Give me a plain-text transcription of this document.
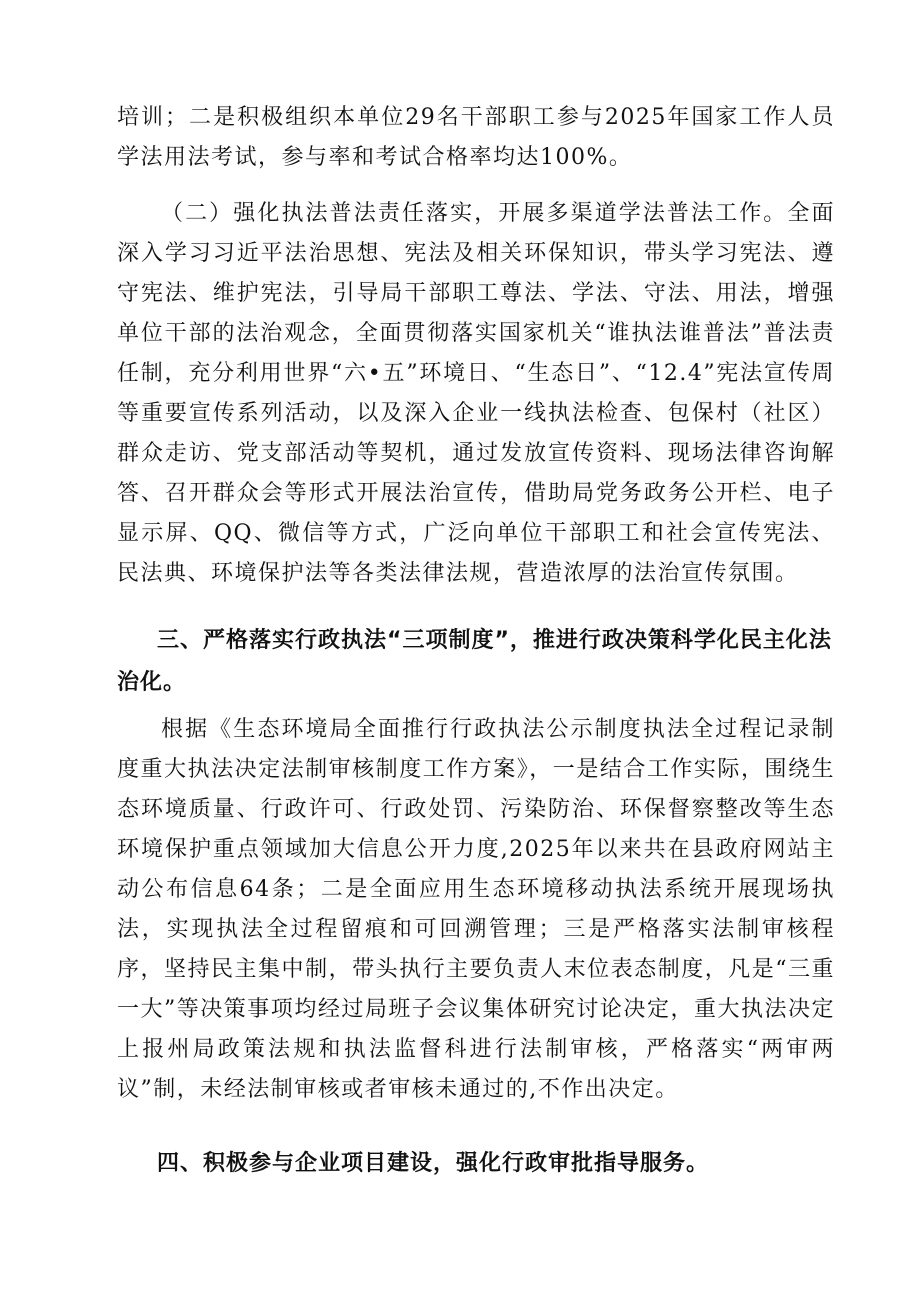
培训；二是积极组织本单位29名干部职工参与2025年国家工作人员学法用法考试，参与率和考试合格率均达100%。

（二）强化执法普法责任落实，开展多渠道学法普法工作。全面深入学习习近平法治思想、宪法及相关环保知识，带头学习宪法、遵守宪法、维护宪法，引导局干部职工尊法、学法、守法、用法，增强单位干部的法治观念，全面贯彻落实国家机关“谁执法谁普法”普法责任制，充分利用世界“六•五”环境日、“生态日”、“12.4”宪法宣传周等重要宣传系列活动，以及深入企业一线执法检查、包保村（社区）群众走访、党支部活动等契机，通过发放宣传资料、现场法律咨询解答、召开群众会等形式开展法治宣传，借助局党务政务公开栏、电子显示屏、QQ、微信等方式，广泛向单位干部职工和社会宣传宪法、民法典、环境保护法等各类法律法规，营造浓厚的法治宣传氛围。

三、严格落实行政执法“三项制度”，推进行政决策科学化民主化法治化。

根据《生态环境局全面推行行政执法公示制度执法全过程记录制度重大执法决定法制审核制度工作方案》，一是结合工作实际，围绕生态环境质量、行政许可、行政处罚、污染防治、环保督察整改等生态环境保护重点领域加大信息公开力度,2025年以来共在县政府网站主动公布信息64条；二是全面应用生态环境移动执法系统开展现场执法，实现执法全过程留痕和可回溯管理；三是严格落实法制审核程序，坚持民主集中制，带头执行主要负责人末位表态制度，凡是“三重一大”等决策事项均经过局班子会议集体研究讨论决定，重大执法决定上报州局政策法规和执法监督科进行法制审核，严格落实“两审两议”制，未经法制审核或者审核未通过的,不作出决定。

四、积极参与企业项目建设，强化行政审批指导服务。
